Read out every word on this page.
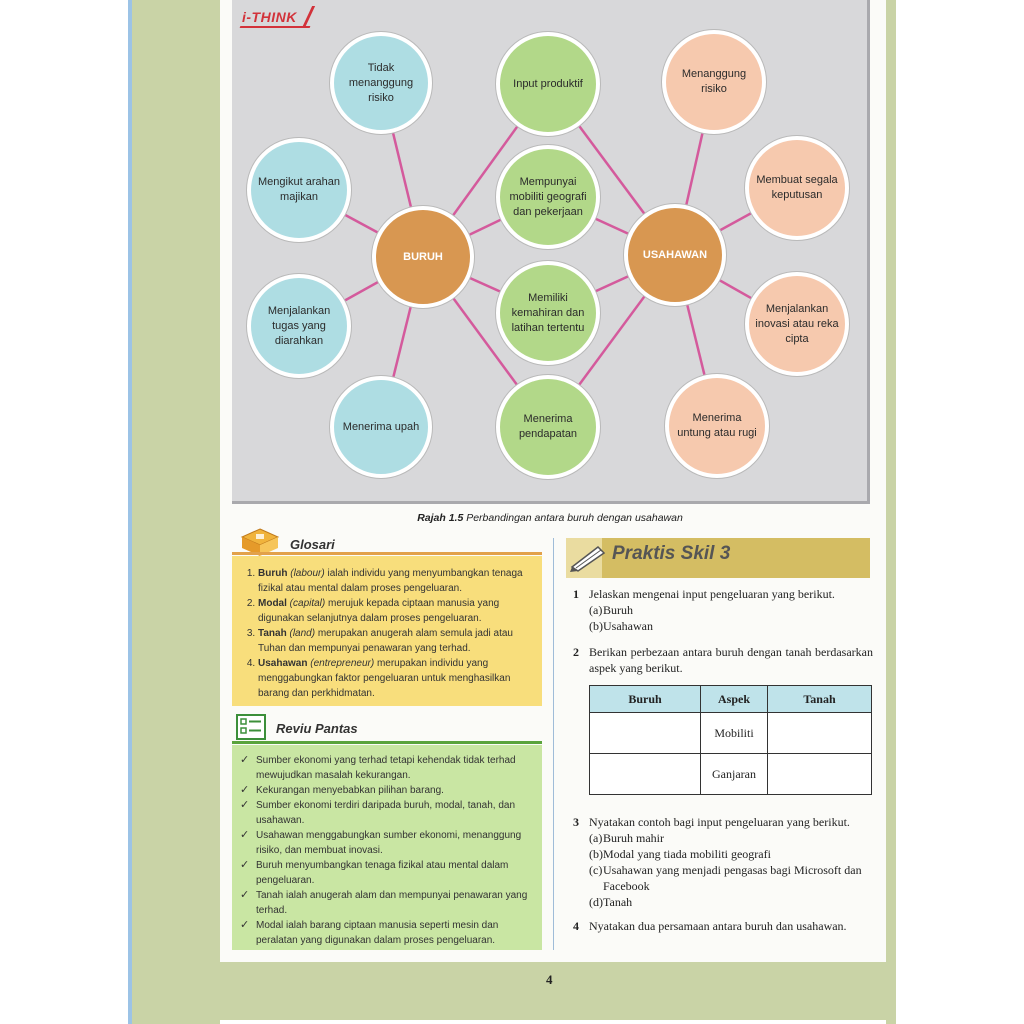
i-THINK
Tidak menanggung risiko
Mengikut arahan majikan
Menjalankan tugas yang diarahkan
Menerima upah
Input produktif
Mempunyai mobiliti geografi dan pekerjaan
Memiliki kemahiran dan latihan tertentu
Menerima pendapatan
Menanggung risiko
Membuat segala keputusan
Menjalankan inovasi atau reka cipta
Menerima untung atau rugi
BURUH	USAHAWAN
Rajah 1.5 Perbandingan antara buruh dengan usahawan
Glosari
1. Buruh (labour) ialah individu yang menyumbangkan tenaga fizikal atau mental dalam proses pengeluaran.
2. Modal (capital) merujuk kepada ciptaan manusia yang digunakan selanjutnya dalam proses pengeluaran.
3. Tanah (land) merupakan anugerah alam semula jadi atau Tuhan dan mempunyai penawaran yang terhad.
4. Usahawan (entrepreneur) merupakan individu yang menggabungkan faktor pengeluaran untuk menghasilkan barang dan perkhidmatan.
Reviu Pantas
✓ Sumber ekonomi yang terhad tetapi kehendak tidak terhad mewujudkan masalah kekurangan.
✓ Kekurangan menyebabkan pilihan barang.
✓ Sumber ekonomi terdiri daripada buruh, modal, tanah, dan usahawan.
✓ Usahawan menggabungkan sumber ekonomi, menanggung risiko, dan membuat inovasi.
✓ Buruh menyumbangkan tenaga fizikal atau mental dalam pengeluaran.
✓ Tanah ialah anugerah alam dan mempunyai penawaran yang terhad.
✓ Modal ialah barang ciptaan manusia seperti mesin dan peralatan yang digunakan dalam proses pengeluaran.
Praktis Skil 3
1 Jelaskan mengenai input pengeluaran yang berikut.
(a) Buruh
(b) Usahawan
2 Berikan perbezaan antara buruh dengan tanah berdasarkan aspek yang berikut.
3 Nyatakan contoh bagi input pengeluaran yang berikut.
(a) Buruh mahir
(b) Modal yang tiada mobiliti geografi
(c) Usahawan yang menjadi pengasas bagi Microsoft dan Facebook
(d) Tanah
4 Nyatakan dua persamaan antara buruh dan usahawan.
Buruh	Aspek	Tanah
	Mobiliti	
	Ganjaran	
4
